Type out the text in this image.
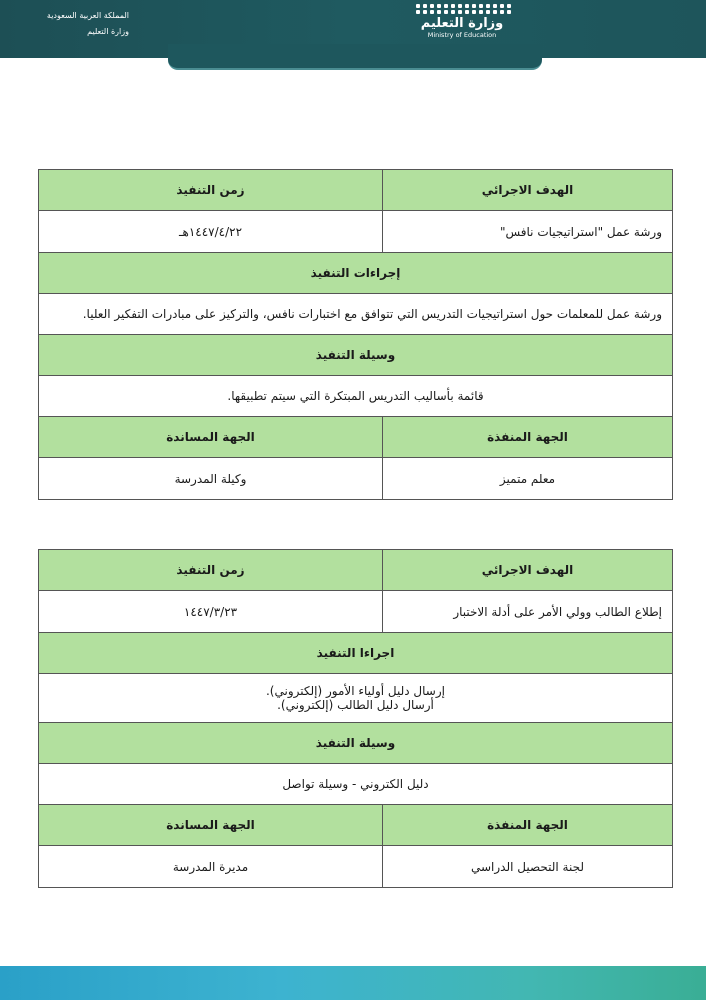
المملكة العربية السعودية
وزارة التعليم
وزارة التعليم
Ministry of Education
الهدف الاجرائي	زمن التنفيذ
ورشة عمل "استراتيجيات نافس"	١٤٤٧/٤/٢٢هـ
إجراءات التنفيذ	

ورشة عمل للمعلمات حول استراتيجيات التدريس التي تتوافق مع اختبارات نافس، والتركيز على مبادرات التفكير العليا.	

وسيلة التنفيذ	
قائمة بأساليب التدريس المبتكرة التي سيتم تطبيقها.	
الجهة المنفذة	الجهة المساندة
معلم متميز	وكيلة المدرسة
الهدف الاجرائي	زمن التنفيذ
إطلاع الطالب وولي الأمر على أدلة الاختبار	١٤٤٧/٣/٢٣
اجراءا التنفيذ	

إرسال دليل أولياء الأمور (إلكتروني).
أرسال دليل الطالب (إلكتروني).	

وسيلة التنفيذ	
دليل الكتروني - وسيلة تواصل	
الجهة المنفذة	الجهة المساندة
لجنة التحصيل الدراسي	مديرة المدرسة
